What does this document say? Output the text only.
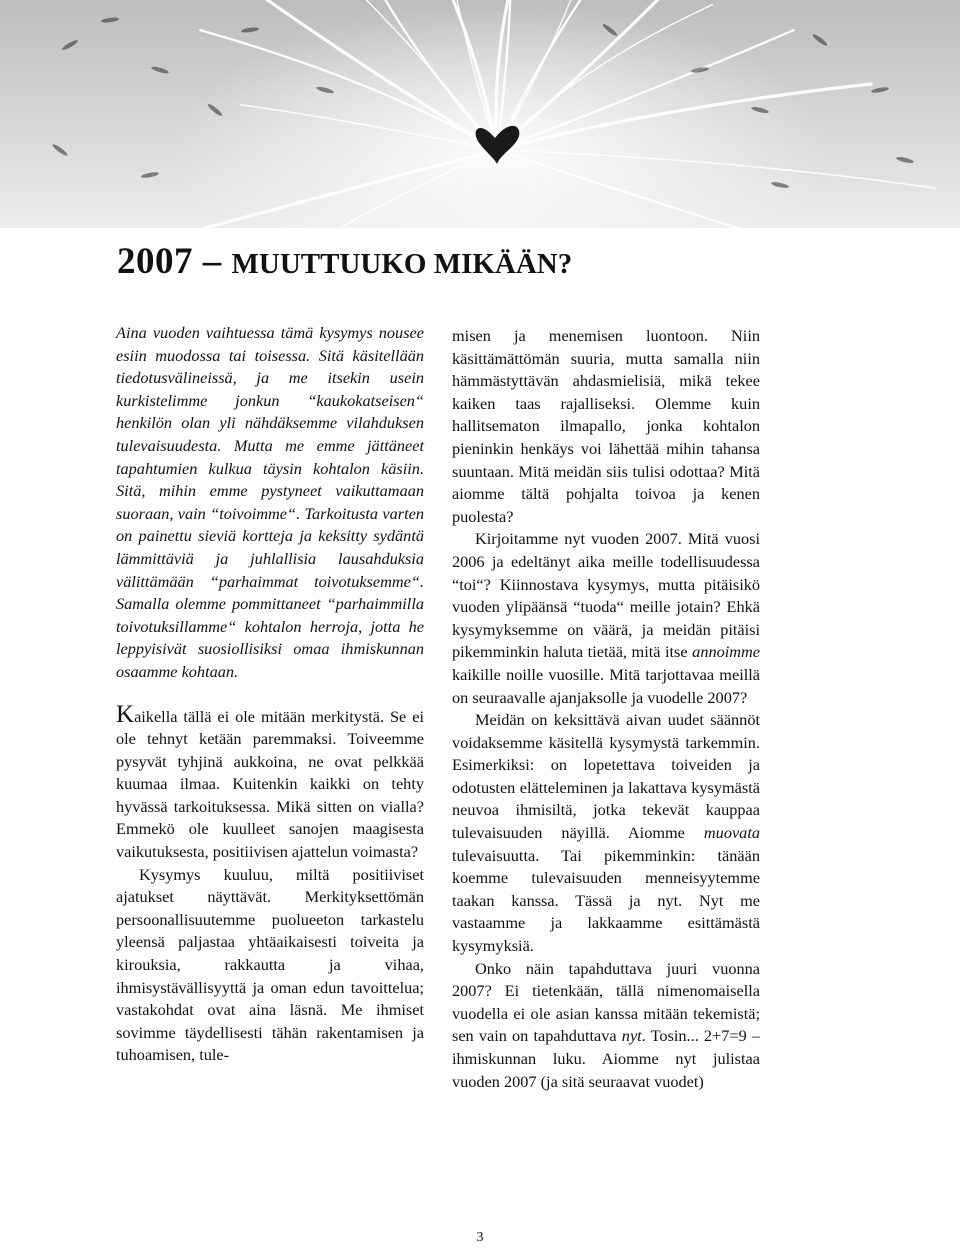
2007 – MUUTTUUKO MIKÄÄN?

Aina vuoden vaihtuessa tämä kysymys nousee esiin muodossa tai toisessa. Sitä käsitellään tiedotusvälineissä, ja me itsekin usein kurkistelimme jonkun “kaukokatseisen“ henkilön olan yli nähdäksemme vilahduksen tulevaisuudesta. Mutta me emme jättäneet tapahtumien kulkua täysin kohtalon käsiin. Sitä, mihin emme pystyneet vaikuttamaan suoraan, vain “toivoimme“. Tarkoitusta varten on painettu sieviä kortteja ja keksitty sydäntä lämmittäviä ja juhlallisia lausahduksia välittämään “parhaimmat toivotuksemme“. Samalla olemme pommittaneet “parhaimmilla toivotuksillamme“ kohtalon herroja, jotta he leppyisivät suosiollisiksi omaa ihmiskunnan osaamme kohtaan.

Kaikella tällä ei ole mitään merkitystä. Se ei ole tehnyt ketään paremmaksi. Toiveemme pysyvät tyhjinä aukkoina, ne ovat pelkkää kuumaa ilmaa. Kuitenkin kaikki on tehty hyvässä tarkoituksessa. Mikä sitten on vialla? Emmekö ole kuulleet sanojen maagisesta vaikutuksesta, positiivisen ajattelun voimasta?

Kysymys kuuluu, miltä positiiviset ajatukset näyttävät. Merkityksettömän persoonallisuutemme puolueeton tarkastelu yleensä paljastaa yhtäaikaisesti toiveita ja kirouksia, rakkautta ja vihaa, ihmisystävällisyyttä ja oman edun tavoittelua; vastakohdat ovat aina läsnä. Me ihmiset sovimme täydellisesti tähän rakentamisen ja tuhoamisen, tule-

misen ja menemisen luontoon. Niin käsittämättömän suuria, mutta samalla niin hämmästyttävän ahdasmielisiä, mikä tekee kaiken taas rajalliseksi. Olemme kuin hallitsematon ilmapallo, jonka kohtalon pieninkin henkäys voi lähettää mihin tahansa suuntaan. Mitä meidän siis tulisi odottaa? Mitä aiomme tältä pohjalta toivoa ja kenen puolesta?

Kirjoitamme nyt vuoden 2007. Mitä vuosi 2006 ja edeltänyt aika meille todellisuudessa “toi“? Kiinnostava kysymys, mutta pitäisikö vuoden ylipäänsä “tuoda“ meille jotain? Ehkä kysymyksemme on väärä, ja meidän pitäisi pikemminkin haluta tietää, mitä itse annoimme kaikille noille vuosille. Mitä tarjottavaa meillä on seuraavalle ajanjaksolle ja vuodelle 2007?

Meidän on keksittävä aivan uudet säännöt voidaksemme käsitellä kysymystä tarkemmin. Esimerkiksi: on lopetettava toiveiden ja odotusten elätteleminen ja lakattava kysymästä neuvoa ihmisiltä, jotka tekevät kauppaa tulevaisuuden näyillä. Aiomme muovata tulevaisuutta. Tai pikemminkin: tänään koemme tulevaisuuden menneisyytemme taakan kanssa. Tässä ja nyt. Nyt me vastaamme ja lakkaamme esittämästä kysymyksiä.

Onko näin tapahduttava juuri vuonna 2007? Ei tietenkään, tällä nimenomaisella vuodella ei ole asian kanssa mitään tekemistä; sen vain on tapahduttava nyt. Tosin... 2+7=9 – ihmiskunnan luku. Aiomme nyt julistaa vuoden 2007 (ja sitä seuraavat vuodet)

3
